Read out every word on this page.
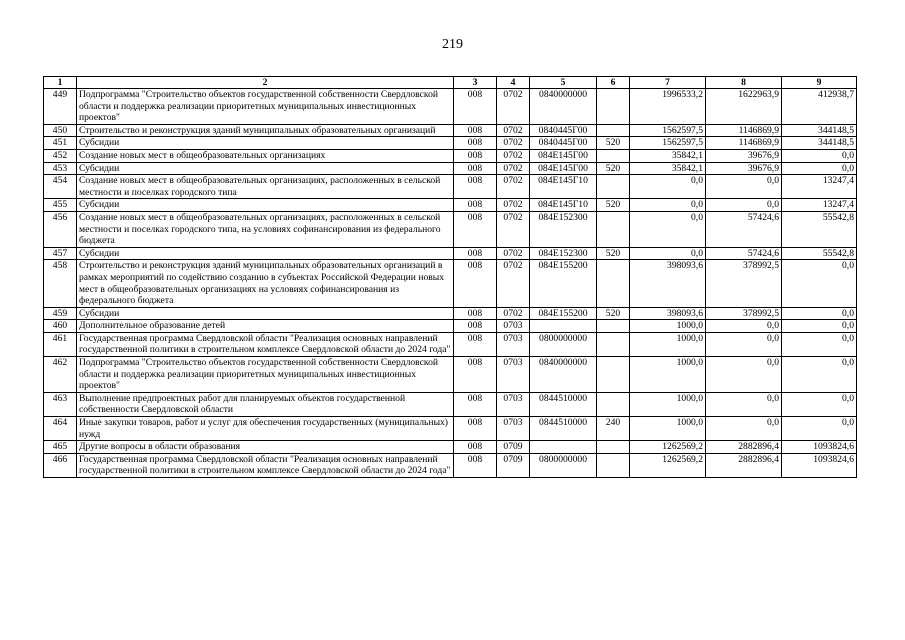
219
1	2	3	4	5	6	7	8	9
449	Подпрограмма "Строительство объектов государственной собственности Свердловской области и поддержка реализации приоритетных муниципальных инвестиционных проектов"	008	0702	0840000000		1996533,2	1622963,9	412938,7
450	Строительство и реконструкция зданий муниципальных образовательных организаций	008	0702	0840445Г00		1562597,5	1146869,9	344148,5
451	Субсидии	008	0702	0840445Г00	520	1562597,5	1146869,9	344148,5
452	Создание новых мест в общеобразовательных организациях	008	0702	084E145Г00		35842,1	39676,9	0,0
453	Субсидии	008	0702	084E145Г00	520	35842,1	39676,9	0,0
454	Создание новых мест в общеобразовательных организациях, расположенных в сельской местности и поселках городского типа	008	0702	084E145Г10		0,0	0,0	13247,4
455	Субсидии	008	0702	084E145Г10	520	0,0	0,0	13247,4
456	Создание новых мест в общеобразовательных организациях, расположенных в сельской местности и поселках городского типа, на условиях софинансирования из федерального бюджета	008	0702	084E152300		0,0	57424,6	55542,8
457	Субсидии	008	0702	084E152300	520	0,0	57424,6	55542,8
458	Строительство и реконструкция зданий муниципальных образовательных организаций в рамках мероприятий по содействию созданию в субъектах Российской Федерации новых мест в общеобразовательных организациях на условиях софинансирования из федерального бюджета	008	0702	084E155200		398093,6	378992,5	0,0
459	Субсидии	008	0702	084E155200	520	398093,6	378992,5	0,0
460	Дополнительное образование детей	008	0703			1000,0	0,0	0,0
461	Государственная программа Свердловской области "Реализация основных направлений государственной политики в строительном комплексе Свердловской области до 2024 года"	008	0703	0800000000		1000,0	0,0	0,0
462	Подпрограмма "Строительство объектов государственной собственности Свердловской области и поддержка реализации приоритетных муниципальных инвестиционных проектов"	008	0703	0840000000		1000,0	0,0	0,0
463	Выполнение предпроектных работ для планируемых объектов государственной собственности Свердловской области	008	0703	0844510000		1000,0	0,0	0,0
464	Иные закупки товаров, работ и услуг для обеспечения государственных (муниципальных) нужд	008	0703	0844510000	240	1000,0	0,0	0,0
465	Другие вопросы в области образования	008	0709			1262569,2	2882896,4	1093824,6
466	Государственная программа Свердловской области "Реализация основных направлений государственной политики в строительном комплексе Свердловской области до 2024 года"	008	0709	0800000000		1262569,2	2882896,4	1093824,6
